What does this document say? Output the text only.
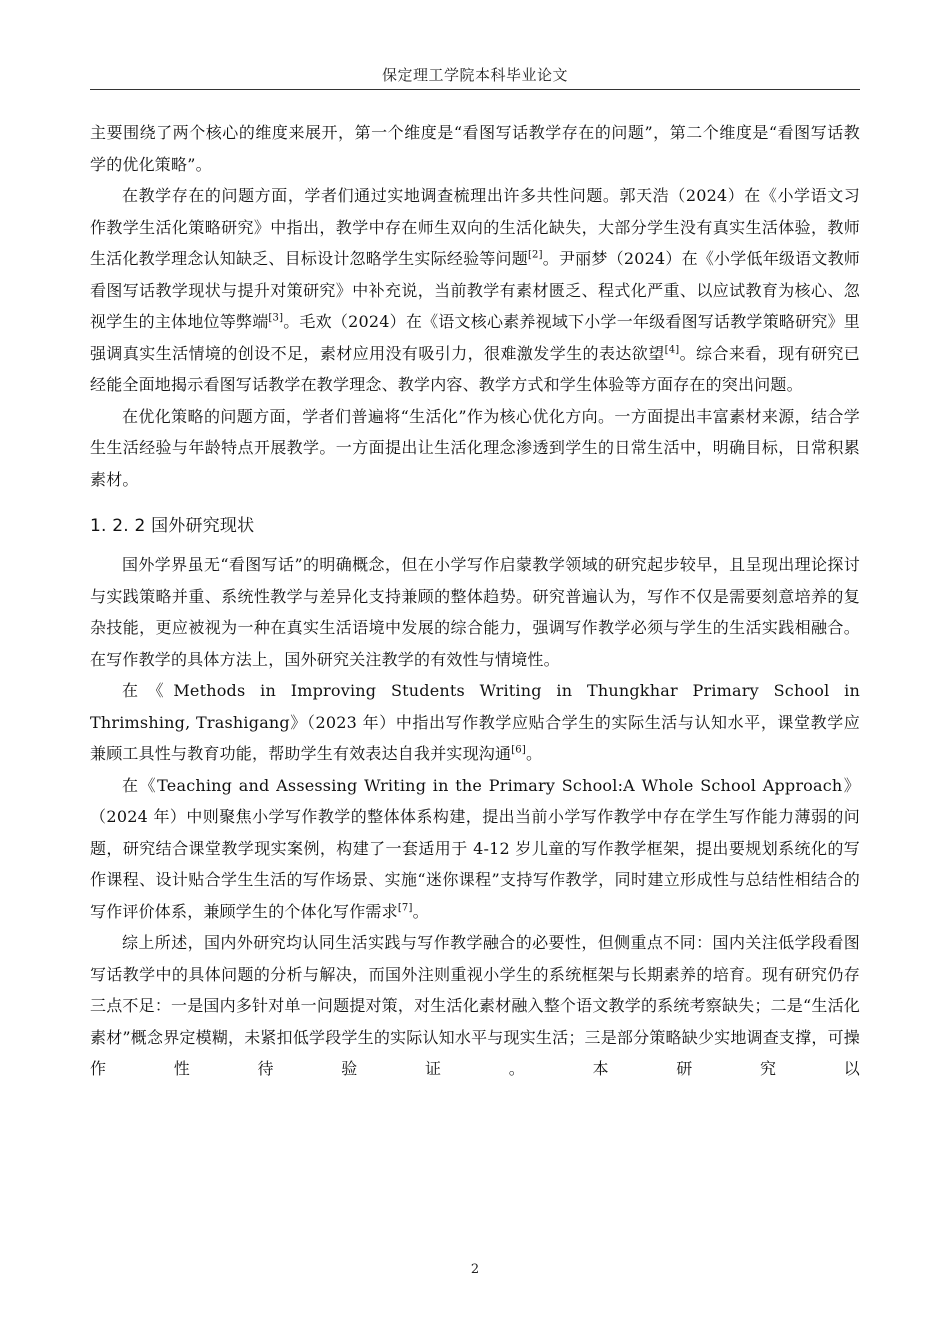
保定理工学院本科毕业论文

主要围绕了两个核心的维度来展开，第一个维度是“看图写话教学存在的问题”，第二个维度是“看图写话教学的优化策略”。

在教学存在的问题方面，学者们通过实地调查梳理出许多共性问题。郭天浩（2024）在《小学语文习作教学生活化策略研究》中指出，教学中存在师生双向的生活化缺失，大部分学生没有真实生活体验，教师生活化教学理念认知缺乏、目标设计忽略学生实际经验等问题[2]。尹丽梦（2024）在《小学低年级语文教师看图写话教学现状与提升对策研究》中补充说，当前教学有素材匮乏、程式化严重、以应试教育为核心、忽视学生的主体地位等弊端[3]。毛欢（2024）在《语文核心素养视域下小学一年级看图写话教学策略研究》里强调真实生活情境的创设不足，素材应用没有吸引力，很难激发学生的表达欲望[4]。综合来看，现有研究已经能全面地揭示看图写话教学在教学理念、教学内容、教学方式和学生体验等方面存在的突出问题。

在优化策略的问题方面，学者们普遍将“生活化”作为核心优化方向。一方面提出丰富素材来源，结合学生生活经验与年龄特点开展教学。一方面提出让生活化理念渗透到学生的日常生活中，明确目标，日常积累素材。

1. 2. 2 国外研究现状

国外学界虽无“看图写话”的明确概念，但在小学写作启蒙教学领域的研究起步较早，且呈现出理论探讨与实践策略并重、系统性教学与差异化支持兼顾的整体趋势。研究普遍认为，写作不仅是需要刻意培养的复杂技能，更应被视为一种在真实生活语境中发展的综合能力，强调写作教学必须与学生的生活实践相融合。在写作教学的具体方法上，国外研究关注教学的有效性与情境性。

在《Methods in Improving Students Writing in Thungkhar Primary School in Thrimshing, Trashigang》（2023 年）中指出写作教学应贴合学生的实际生活与认知水平，课堂教学应兼顾工具性与教育功能，帮助学生有效表达自我并实现沟通[6]。

在《Teaching and Assessing Writing in the Primary School:A Whole School Approach》（2024 年）中则聚焦小学写作教学的整体体系构建，提出当前小学写作教学中存在学生写作能力薄弱的问题，研究结合课堂教学现实案例，构建了一套适用于 4-12 岁儿童的写作教学框架，提出要规划系统化的写作课程、设计贴合学生生活的写作场景、实施“迷你课程”支持写作教学，同时建立形成性与总结性相结合的写作评价体系，兼顾学生的个体化写作需求[7]。

综上所述，国内外研究均认同生活实践与写作教学融合的必要性，但侧重点不同：国内关注低学段看图写话教学中的具体问题的分析与解决，而国外注则重视小学生的系统框架与长期素养的培育。现有研究仍存三点不足：一是国内多针对单一问题提对策，对生活化素材融入整个语文教学的系统考察缺失；二是“生活化素材”概念界定模糊，未紧扣低学段学生的实际认知水平与现实生活；三是部分策略缺少实地调查支撑，可操作性待验证。本研究以

2
